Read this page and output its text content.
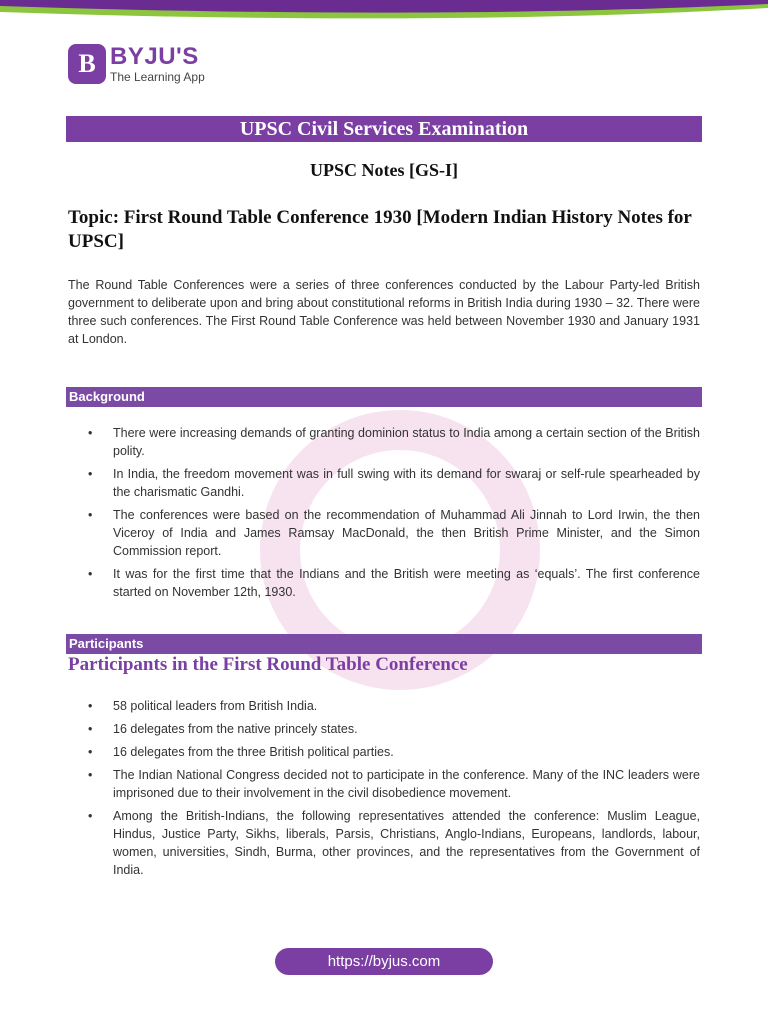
B BYJU'S
The Learning App
UPSC Civil Services Examination
UPSC Notes [GS-I]
Topic: First Round Table Conference 1930 [Modern Indian History Notes for UPSC]

The Round Table Conferences were a series of three conferences conducted by the Labour Party-led British government to deliberate upon and bring about constitutional reforms in British India during 1930 – 32. There were three such conferences. The First Round Table Conference was held between November 1930 and January 1931 at London.

Background
• There were increasing demands of granting dominion status to India among a certain section of the British polity.
• In India, the freedom movement was in full swing with its demand for swaraj or self-rule spearheaded by the charismatic Gandhi.
• The conferences were based on the recommendation of Muhammad Ali Jinnah to Lord Irwin, the then Viceroy of India and James Ramsay MacDonald, the then British Prime Minister, and the Simon Commission report.
• It was for the first time that the Indians and the British were meeting as ‘equals’. The first conference started on November 12th, 1930.
Participants
Participants in the First Round Table Conference
• 58 political leaders from British India.
• 16 delegates from the native princely states.
• 16 delegates from the three British political parties.
• The Indian National Congress decided not to participate in the conference. Many of the INC leaders were imprisoned due to their involvement in the civil disobedience movement.
• Among the British-Indians, the following representatives attended the conference: Muslim League, Hindus, Justice Party, Sikhs, liberals, Parsis, Christians, Anglo-Indians, Europeans, landlords, labour, women, universities, Sindh, Burma, other provinces, and the representatives from the Government of India.
https://byjus.com
